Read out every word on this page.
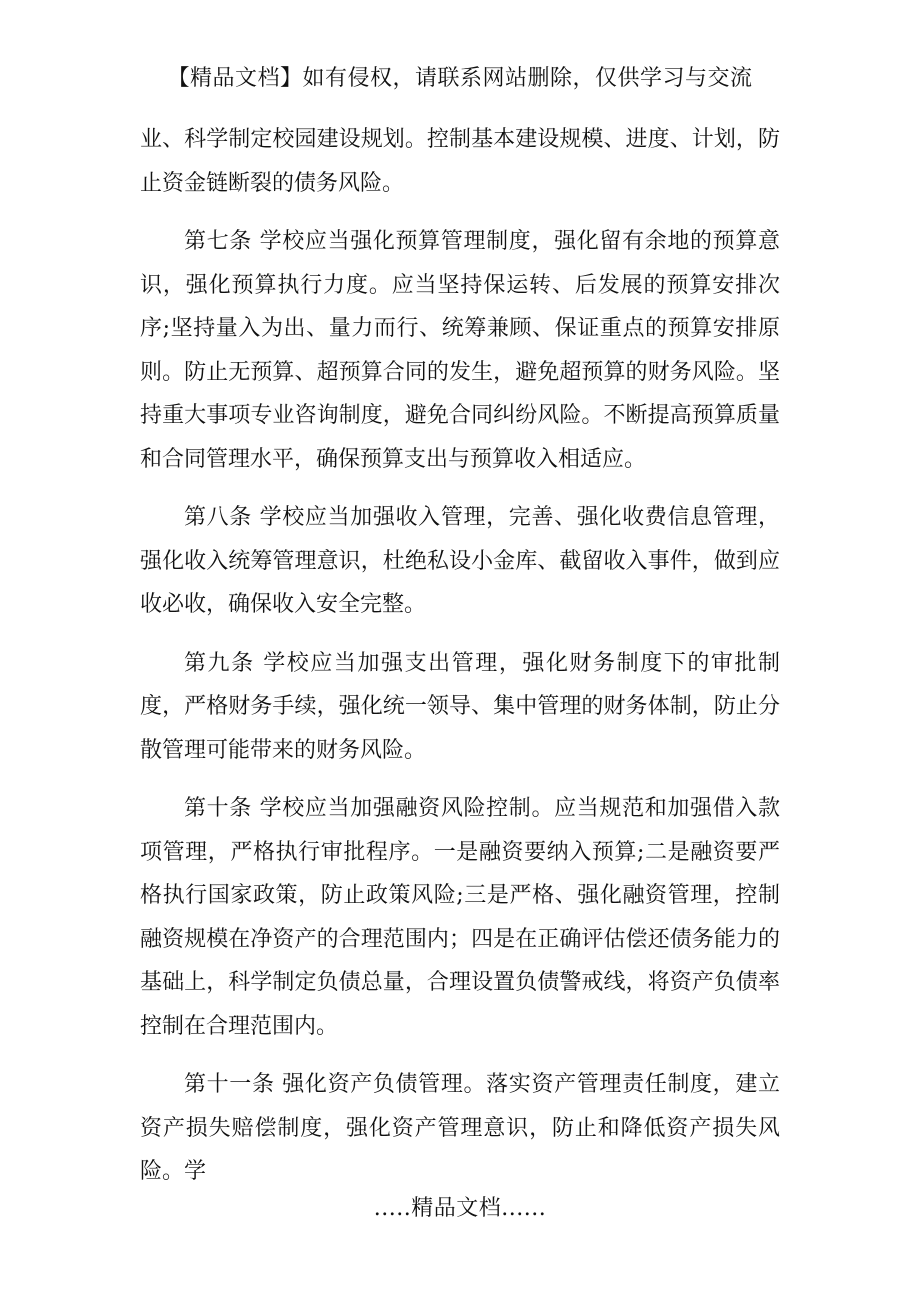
【精品文档】如有侵权，请联系网站删除，仅供学习与交流

业、科学制定校园建设规划。控制基本建设规模、进度、计划，防止资金链断裂的债务风险。

第七条 学校应当强化预算管理制度，强化留有余地的预算意识，强化预算执行力度。应当坚持保运转、后发展的预算安排次序;坚持量入为出、量力而行、统筹兼顾、保证重点的预算安排原则。防止无预算、超预算合同的发生，避免超预算的财务风险。坚持重大事项专业咨询制度，避免合同纠纷风险。不断提高预算质量和合同管理水平，确保预算支出与预算收入相适应。

第八条 学校应当加强收入管理，完善、强化收费信息管理，强化收入统筹管理意识，杜绝私设小金库、截留收入事件，做到应收必收，确保收入安全完整。

第九条 学校应当加强支出管理，强化财务制度下的审批制度，严格财务手续，强化统一领导、集中管理的财务体制，防止分散管理可能带来的财务风险。

第十条 学校应当加强融资风险控制。应当规范和加强借入款项管理，严格执行审批程序。一是融资要纳入预算;二是融资要严格执行国家政策，防止政策风险;三是严格、强化融资管理，控制融资规模在净资产的合理范围内；四是在正确评估偿还债务能力的基础上，科学制定负债总量，合理设置负债警戒线，将资产负债率控制在合理范围内。

第十一条 强化资产负债管理。落实资产管理责任制度，建立资产损失赔偿制度，强化资产管理意识，防止和降低资产损失风险。学

.....精品文档......
